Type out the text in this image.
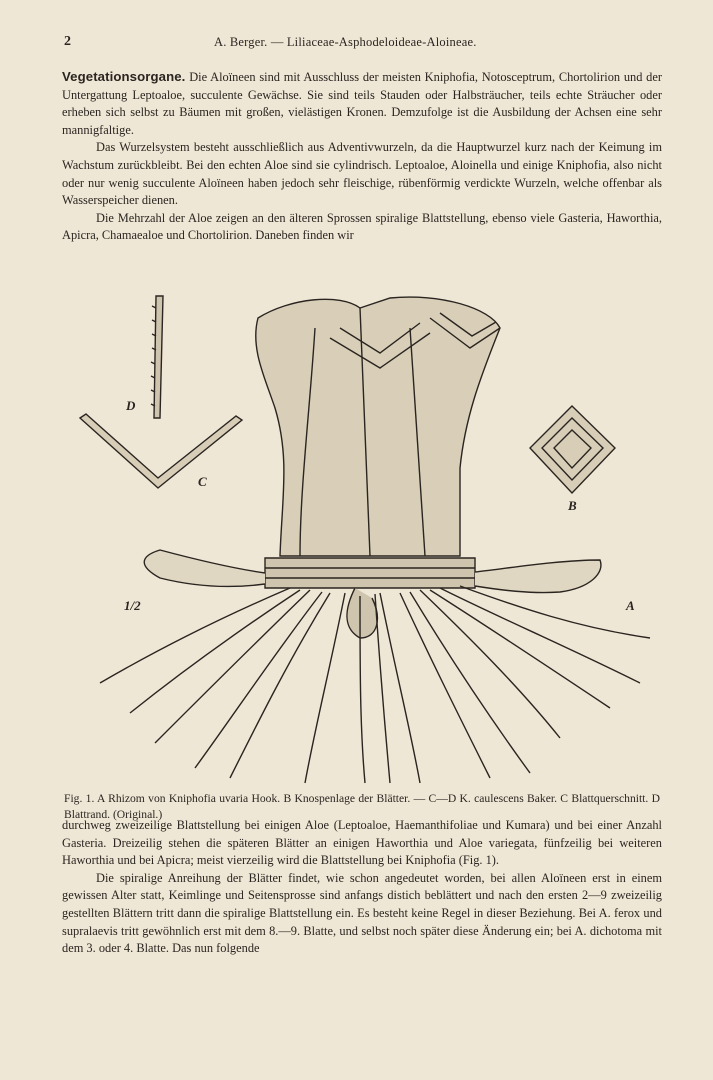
2	A. Berger. — Liliaceae-Asphodeloideae-Aloineae.

Vegetationsorgane. Die Aloïneen sind mit Ausschluss der meisten Kniphofia, Notosceptrum, Chortolirion und der Untergattung Leptoaloe, succulente Gewächse. Sie sind teils Stauden oder Halbsträucher, teils echte Sträucher oder erheben sich selbst zu Bäumen mit großen, vielästigen Kronen. Demzufolge ist die Ausbildung der Achsen eine sehr mannigfaltige.

Das Wurzelsystem besteht ausschließlich aus Adventivwurzeln, da die Hauptwurzel kurz nach der Keimung im Wachstum zurückbleibt. Bei den echten Aloe sind sie cylindrisch. Leptoaloe, Aloinella und einige Kniphofia, also nicht oder nur wenig succulente Aloïneen haben jedoch sehr fleischige, rübenförmig verdickte Wurzeln, welche offenbar als Wasserspeicher dienen.

Die Mehrzahl der Aloe zeigen an den älteren Sprossen spiralige Blattstellung, ebenso viele Gasteria, Haworthia, Apicra, Chamaealoe und Chortolirion. Daneben finden wir

D
C
B
A
1/2

Fig. 1. A Rhizom von Kniphofia uvaria Hook. B Knospenlage der Blätter. — C—D K. caulescens Baker. C Blattquerschnitt. D Blattrand. (Original.)

durchweg zweizeilige Blattstellung bei einigen Aloe (Leptoaloe, Haemanthifoliae und Kumara) und bei einer Anzahl Gasteria. Dreizeilig stehen die späteren Blätter an einigen Haworthia und Aloe variegata, fünfzeilig bei weiteren Haworthia und bei Apicra; meist vierzeilig wird die Blattstellung bei Kniphofia (Fig. 1).

Die spiralige Anreihung der Blätter findet, wie schon angedeutet worden, bei allen Aloïneen erst in einem gewissen Alter statt, Keimlinge und Seitensprosse sind anfangs distich beblättert und nach den ersten 2—9 zweizeilig gestellten Blättern tritt dann die spiralige Blattstellung ein. Es besteht keine Regel in dieser Beziehung. Bei A. ferox und supralaevis tritt gewöhnlich erst mit dem 8.—9. Blatte, und selbst noch später diese Änderung ein; bei A. dichotoma mit dem 3. oder 4. Blatte. Das nun folgende
